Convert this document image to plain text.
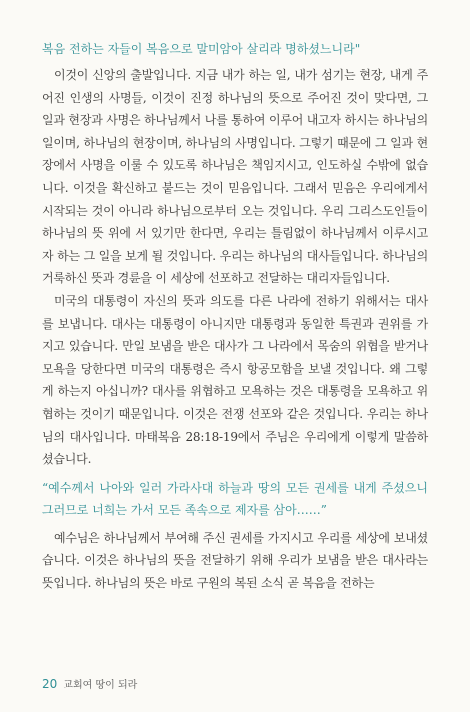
복음 전하는 자들이 복음으로 말미암아 살리라 명하셨느니라"

이것이 신앙의 출발입니다. 지금 내가 하는 일, 내가 섬기는 현장, 내게 주어진 인생의 사명들, 이것이 진정 하나님의 뜻으로 주어진 것이 맞다면, 그 일과 현장과 사명은 하나님께서 나를 통하여 이루어 내고자 하시는 하나님의 일이며, 하나님의 현장이며, 하나님의 사명입니다. 그렇기 때문에 그 일과 현장에서 사명을 이룰 수 있도록 하나님은 책임지시고, 인도하실 수밖에 없습니다. 이것을 확신하고 붙드는 것이 믿음입니다. 그래서 믿음은 우리에게서 시작되는 것이 아니라 하나님으로부터 오는 것입니다. 우리 그리스도인들이 하나님의 뜻 위에 서 있기만 한다면, 우리는 틀림없이 하나님께서 이루시고자 하는 그 일을 보게 될 것입니다. 우리는 하나님의 대사들입니다. 하나님의 거룩하신 뜻과 경륜을 이 세상에 선포하고 전달하는 대리자들입니다.

미국의 대통령이 자신의 뜻과 의도를 다른 나라에 전하기 위해서는 대사를 보냅니다. 대사는 대통령이 아니지만 대통령과 동일한 특권과 권위를 가지고 있습니다. 만일 보냄을 받은 대사가 그 나라에서 목숨의 위협을 받거나 모욕을 당한다면 미국의 대통령은 즉시 항공모함을 보낼 것입니다. 왜 그렇게 하는지 아십니까? 대사를 위협하고 모욕하는 것은 대통령을 모욕하고 위협하는 것이기 때문입니다. 이것은 전쟁 선포와 같은 것입니다. 우리는 하나님의 대사입니다. 마태복음 28:18-19에서 주님은 우리에게 이렇게 말씀하셨습니다.

“예수께서 나아와 일러 가라사대 하늘과 땅의 모든 권세를 내게 주셨으니 그러므로 너희는 가서 모든 족속으로 제자를 삼아……”

예수님은 하나님께서 부여해 주신 권세를 가지시고 우리를 세상에 보내셨습니다. 이것은 하나님의 뜻을 전달하기 위해 우리가 보냄을 받은 대사라는 뜻입니다. 하나님의 뜻은 바로 구원의 복된 소식 곧 복음을 전하는

20 교회여 땅이 되라
